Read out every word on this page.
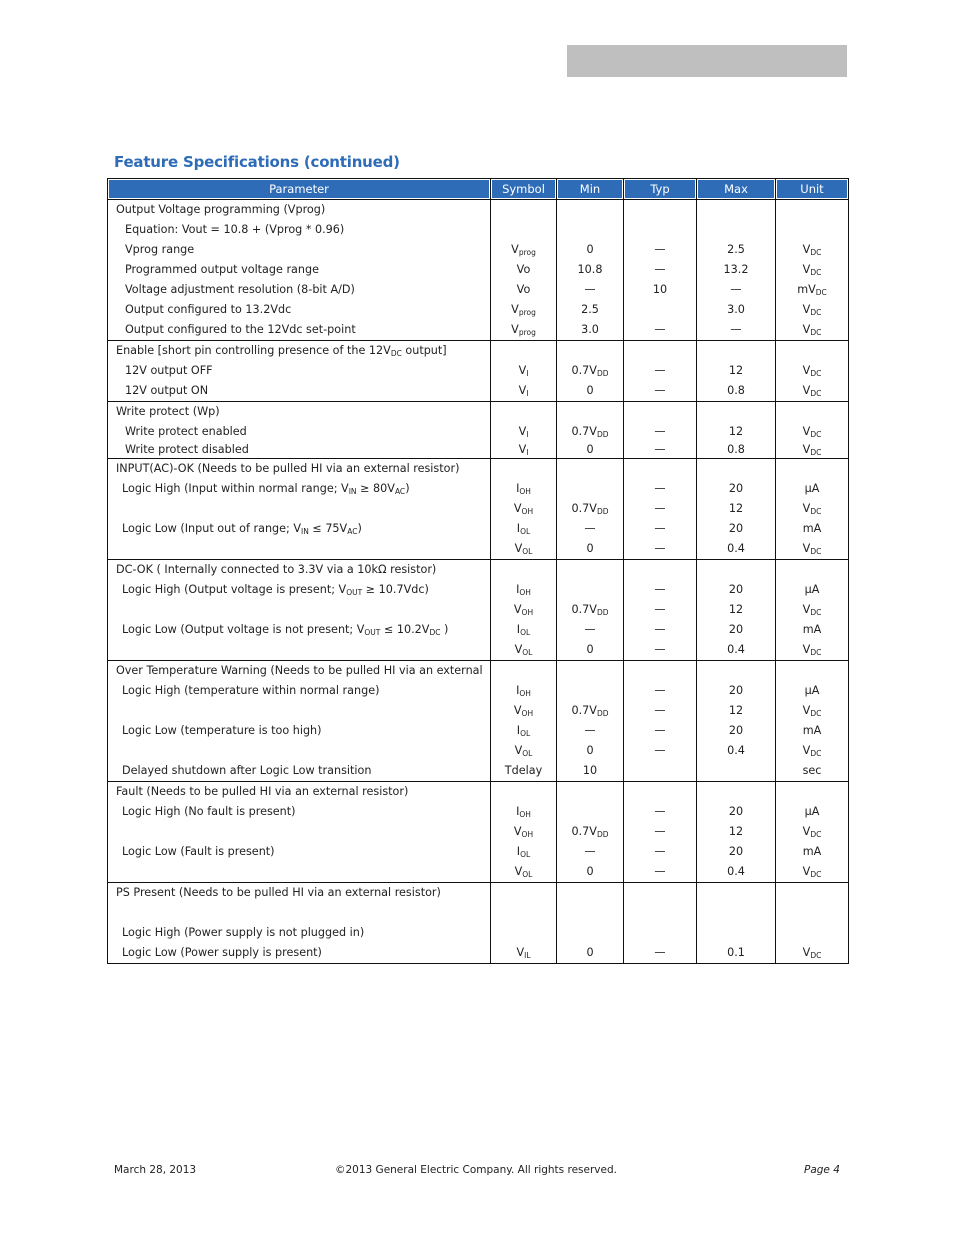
Feature Specifications (continued)
Parameter	Symbol	Min	Typ	Max	Unit
Output Voltage programming (Vprog)					
Equation: Vout = 10.8 + (Vprog * 0.96)					
Vprog range	$V_{prog}$	0	—	2.5	$V_{DC}$
Programmed output voltage range	Vo	10.8	—	13.2	$V_{DC}$
Voltage adjustment resolution (8-bit A/D)	Vo	—	10	—	$mV_{DC}$
Output configured to 13.2Vdc	$V_{prog}$	2.5		3.0	$V_{DC}$
Output configured to the 12Vdc set-point	$V_{prog}$	3.0	—	—	$V_{DC}$
Enable [short pin controlling presence of the $12V_{DC}$ output]					
12V output OFF	$V_I$	$0.7V_{DD}$	—	12	$V_{DC}$
12V output ON	$V_I$	0	—	0.8	$V_{DC}$
Write protect (Wp)					
Write protect enabled	$V_I$	$0.7V_{DD}$	—	12	$V_{DC}$
Write protect disabled	$V_I$	0	—	0.8	$V_{DC}$
INPUT(AC)-OK (Needs to be pulled HI via an external resistor)					
Logic High (Input within normal range; $V_{IN} \ge 80V_{AC}$)	$I_{OH}$		—	20	μA
	$V_{OH}$	$0.7V_{DD}$	—	12	$V_{DC}$
Logic Low (Input out of range; $V_{IN} \le 75V_{AC}$)	$I_{OL}$	—	—	20	mA
	$V_{OL}$	0	—	0.4	$V_{DC}$
DC-OK ( Internally connected to 3.3V via a 10kΩ resistor)					
Logic High (Output voltage is present; $V_{OUT} \ge 10.7Vdc$)	$I_{OH}$		—	20	μA
	$V_{OH}$	$0.7V_{DD}$	—	12	$V_{DC}$
Logic Low (Output voltage is not present; $V_{OUT} \le 10.2V_{DC}$ )	$I_{OL}$	—	—	20	mA
	$V_{OL}$	0	—	0.4	$V_{DC}$
Over Temperature Warning (Needs to be pulled HI via an external					
Logic High (temperature within normal range)	$I_{OH}$		—	20	μA
	$V_{OH}$	$0.7V_{DD}$	—	12	$V_{DC}$
Logic Low (temperature is too high)	$I_{OL}$	—	—	20	mA
	$V_{OL}$	0	—	0.4	$V_{DC}$
Delayed shutdown after Logic Low transition	Tdelay	10			sec
Fault (Needs to be pulled HI via an external resistor)					
Logic High (No fault is present)	$I_{OH}$		—	20	μA
	$V_{OH}$	$0.7V_{DD}$	—	12	$V_{DC}$
Logic Low (Fault is present)	$I_{OL}$	—	—	20	mA
	$V_{OL}$	0	—	0.4	$V_{DC}$
PS Present (Needs to be pulled HI via an external resistor)					

Logic High (Power supply is not plugged in)					
Logic Low (Power supply is present)	$V_{IL}$	0	—	0.1	$V_{DC}$
March 28, 2013	©2013 General Electric Company. All rights reserved.	Page 4
